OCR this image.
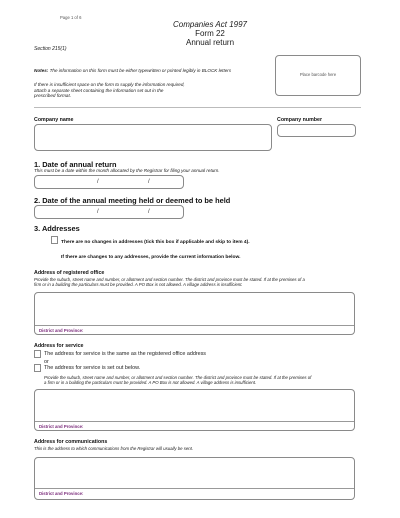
Page 1 of 6
Companies Act 1997
Form 22
Annual return
Section 215(1)
Place barcode here
Notes: The information on this form must be either typewritten or printed legibly in BLOCK letters
If there is insufficient space on the form to supply the information required,
attach a separate sheet containing the information set out in the
prescribed format.
Company name	Company number
1. Date of annual return
This must be a date within the month allocated by the Registrar for filing your annual return.
/	/
2. Date of the annual meeting held or deemed to be held
/	/
3. Addresses
There are no changes in addresses (tick this box if applicable and skip to item 4).
If there are changes to any addresses, provide the current information below.
Address of registered office
Provide the suburb, street name and number, or allotment and section number. The district and province must be stated. If at the premises of a
firm or in a building the particulars must be provided. A PO Box is not allowed. A village address is insufficient.
District and Province:
Address for service
The address for service is the same as the registered office address
or
The address for service is set out below.
Provide the suburb, street name and number, or allotment and section number. The district and province must be stated. If at the premises of
a firm or in a building the particulars must be provided. A PO Box is not allowed. A village address is insufficient.
District and Province:
Address for communications
This is the address to which communications from the Registrar will usually be sent.
District and Province:
